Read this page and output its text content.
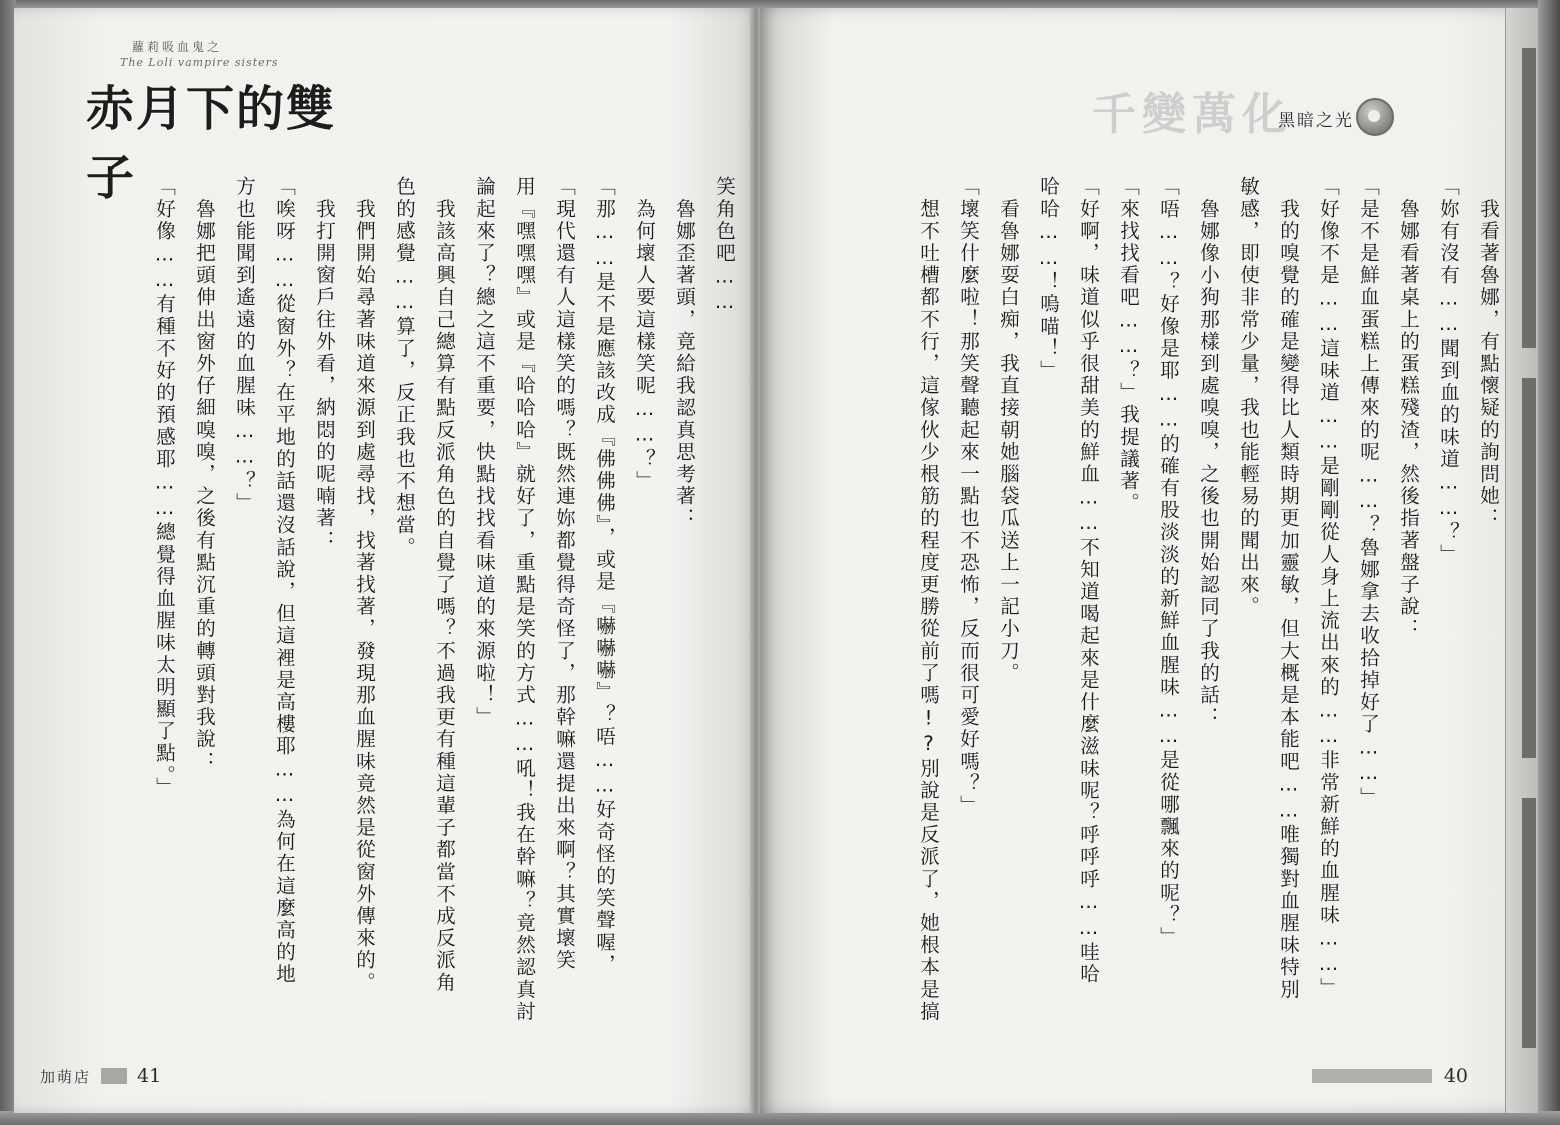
蘿莉吸血鬼之
The Loli vampire sisters
赤月下的雙子	笑角色吧……
　魯娜歪著頭，竟給我認真思考著：
　為何壞人要這樣笑呢……？」
「那……是不是應該改成『佛佛佛』，或是『嚇嚇嚇』？唔……好奇怪的笑聲喔，
「現代還有人這樣笑的嗎？既然連妳都覺得奇怪了，那幹嘛還提出來啊？其實壞笑
用『嘿嘿嘿』或是『哈哈哈』就好了，重點是笑的方式……吼！我在幹嘛？竟然認真討
論起來了？總之這不重要，快點找找看味道的來源啦！」
　我該高興自己總算有點反派角色的自覺了嗎？不過我更有種這輩子都當不成反派角
色的感覺……算了，反正我也不想當。
　我們開始尋著味道來源到處尋找，找著找著，發現那血腥味竟然是從窗外傳來的。
　我打開窗戶往外看，納悶的呢喃著：
「唉呀……從窗外？在平地的話還沒話說，但這裡是高樓耶……為何在這麼高的地
方也能聞到遙遠的血腥味……？」
　魯娜把頭伸出窗外仔細嗅嗅，之後有點沉重的轉頭對我說：
「好像……有種不好的預感耶……總覺得血腥味太明顯了點。」

加萌店 41
千變萬化
黑暗之光
　我看著魯娜，有點懷疑的詢問她：
「妳有沒有……聞到血的味道……？」
　魯娜看著桌上的蛋糕殘渣，然後指著盤子說：
「是不是鮮血蛋糕上傳來的呢……？魯娜拿去收拾掉好了……」
「好像不是……這味道……是剛剛從人身上流出來的……非常新鮮的血腥味……」
　我的嗅覺的確是變得比人類時期更加靈敏，但大概是本能吧……唯獨對血腥味特別
敏感，即使非常少量，我也能輕易的聞出來。
　魯娜像小狗那樣到處嗅嗅，之後也開始認同了我的話：
「唔……？好像是耶……的確有股淡淡的新鮮血腥味……是從哪飄來的呢？」
「來找找看吧……？」我提議著。
「好啊，味道似乎很甜美的鮮血……不知道喝起來是什麼滋味呢？呼呼呼……哇哈
哈哈……！嗚喵！」
　看魯娜耍白痴，我直接朝她腦袋瓜送上一記小刀。
「壞笑什麼啦！那笑聲聽起來一點也不恐怖，反而很可愛好嗎？」
　想不吐槽都不行，這傢伙少根筋的程度更勝從前了嗎!?別說是反派了，她根本是搞
40
